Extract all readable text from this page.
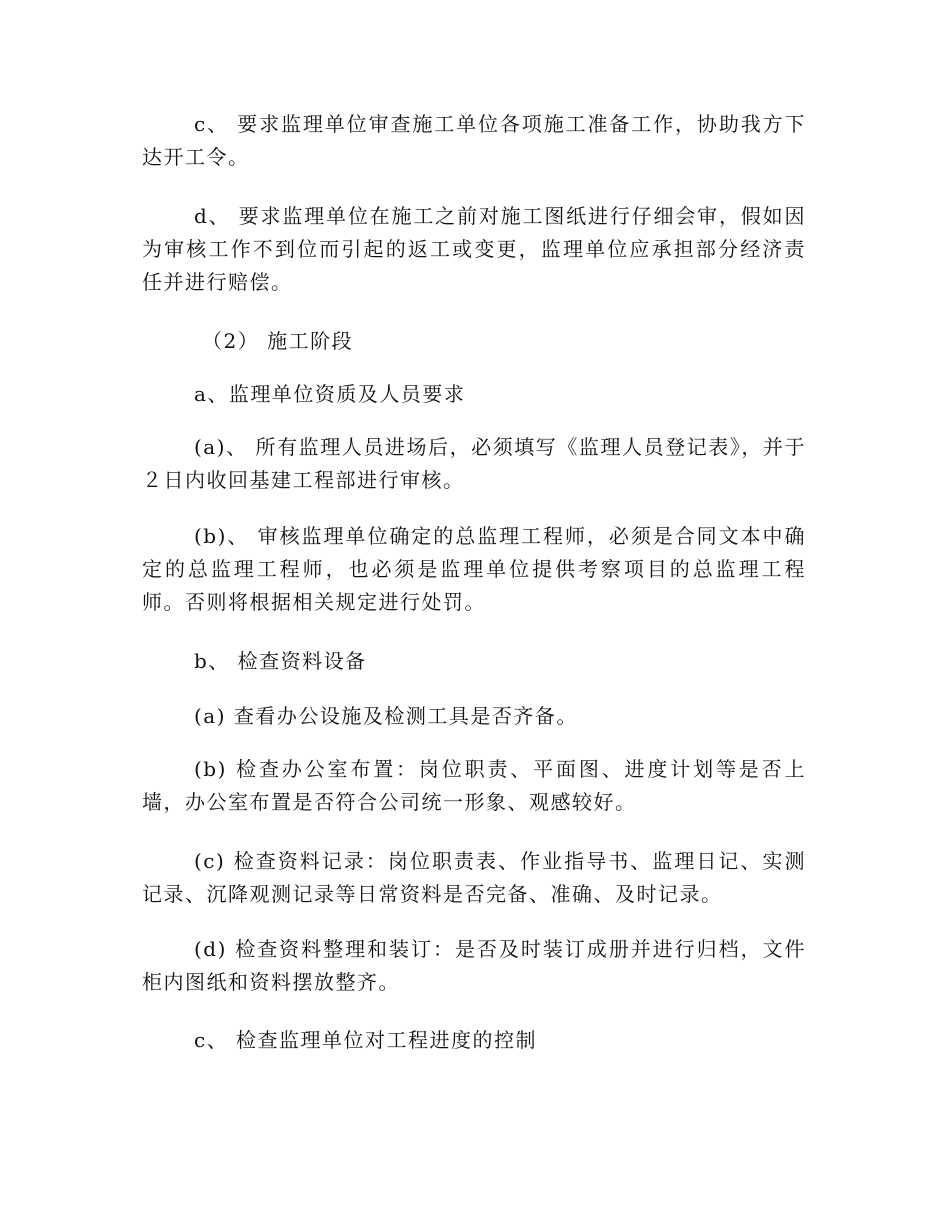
c、 要求监理单位审查施工单位各项施工准备工作，协助我方下达开工令。

d、 要求监理单位在施工之前对施工图纸进行仔细会审，假如因为审核工作不到位而引起的返工或变更，监理单位应承担部分经济责任并进行赔偿。

（2） 施工阶段

a、监理单位资质及人员要求

(a)、 所有监理人员进场后，必须填写《监理人员登记表》，并于２日内收回基建工程部进行审核。

(b)、 审核监理单位确定的总监理工程师，必须是合同文本中确定的总监理工程师，也必须是监理单位提供考察项目的总监理工程师。否则将根据相关规定进行处罚。

b、 检查资料设备

(a) 查看办公设施及检测工具是否齐备。

(b) 检查办公室布置：岗位职责、平面图、进度计划等是否上墙，办公室布置是否符合公司统一形象、观感较好。

(c) 检查资料记录：岗位职责表、作业指导书、监理日记、实测记录、沉降观测记录等日常资料是否完备、准确、及时记录。

(d) 检查资料整理和装订：是否及时装订成册并进行归档，文件柜内图纸和资料摆放整齐。

c、 检查监理单位对工程进度的控制
